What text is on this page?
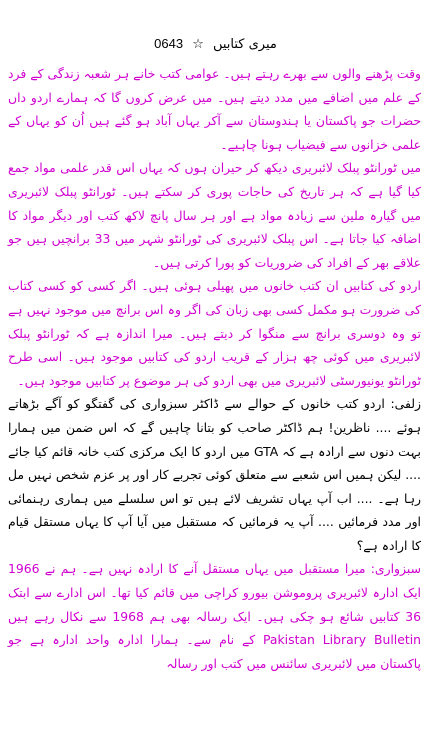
میری کتابیں ☆ 0643

وقت پڑھنے والوں سے بھرے رہتے ہیں۔ عوامی کتب خانے ہر شعبہ زندگی کے فرد کے علم میں اضافے میں مدد دیتے ہیں۔ میں عرض کروں گا کہ ہمارے اردو داں حضرات جو پاکستان یا ہندوستان سے آکر یہاں آباد ہو گئے ہیں اُن کو یہاں کے علمی خزانوں سے فیضیاب ہونا چاہیے۔

میں ٹورانٹو پبلک لائبریری دیکھ کر حیران ہوں کہ یہاں اس قدر علمی مواد جمع کیا گیا ہے کہ ہر تاریخ کی حاجات پوری کر سکتے ہیں۔ ٹورانٹو پبلک لائبریری میں گیارہ ملین سے زیادہ مواد ہے اور ہر سال پانچ لاکھ کتب اور دیگر مواد کا اضافہ کیا جاتا ہے۔ اس پبلک لائبریری کی ٹورانٹو شہر میں 33 برانچیں ہیں جو علاقے بھر کے افراد کی ضروریات کو پورا کرتی ہیں۔

اردو کی کتابیں ان کتب خانوں میں پھیلی ہوئی ہیں۔ اگر کسی کو کسی کتاب کی ضرورت ہو مکمل کسی بھی زبان کی اگر وہ اس برانچ میں موجود نہیں ہے تو وہ دوسری برانچ سے منگوا کر دیتے ہیں۔ میرا اندازہ ہے کہ ٹورانٹو پبلک لائبریری میں کوئی چھ ہزار کے قریب اردو کی کتابیں موجود ہیں۔ اسی طرح ٹورانٹو یونیورسٹی لائبریری میں بھی اردو کی ہر موضوع پر کتابیں موجود ہیں۔

زلفی: اردو کتب خانوں کے حوالے سے ڈاکٹر سبزواری کی گفتگو کو آگے بڑھاتے ہوئے .... ناظرین! ہم ڈاکٹر صاحب کو بتانا چاہیں گے کہ اس ضمن میں ہمارا بہت دنوں سے ارادہ ہے کہ GTA میں اردو کا ایک مرکزی کتب خانہ قائم کیا جائے .... لیکن ہمیں اس شعبے سے متعلق کوئی تجربے کار اور پر عزم شخص نہیں مل رہا ہے۔ .... اب آپ یہاں تشریف لائے ہیں تو اس سلسلے میں ہماری رہنمائی اور مدد فرمائیں .... آپ یہ فرمائیں کہ مستقبل میں آیا آپ کا یہاں مستقل قیام کا ارادہ ہے؟

سبزواری: میرا مستقبل میں یہاں مستقل آنے کا ارادہ نہیں ہے۔ ہم نے 1966 ایک ادارہ لائبریری پروموشن بیورو کراچی میں قائم کیا تھا۔ اس ادارے سے ابتک 36 کتابیں شائع ہو چکی ہیں۔ ایک رسالہ بھی ہم 1968 سے نکال رہے ہیں Pakistan Library Bulletin کے نام سے۔ ہمارا ادارہ واحد ادارہ ہے جو پاکستان میں لائبریری سائنس میں کتب اور رسالہ
